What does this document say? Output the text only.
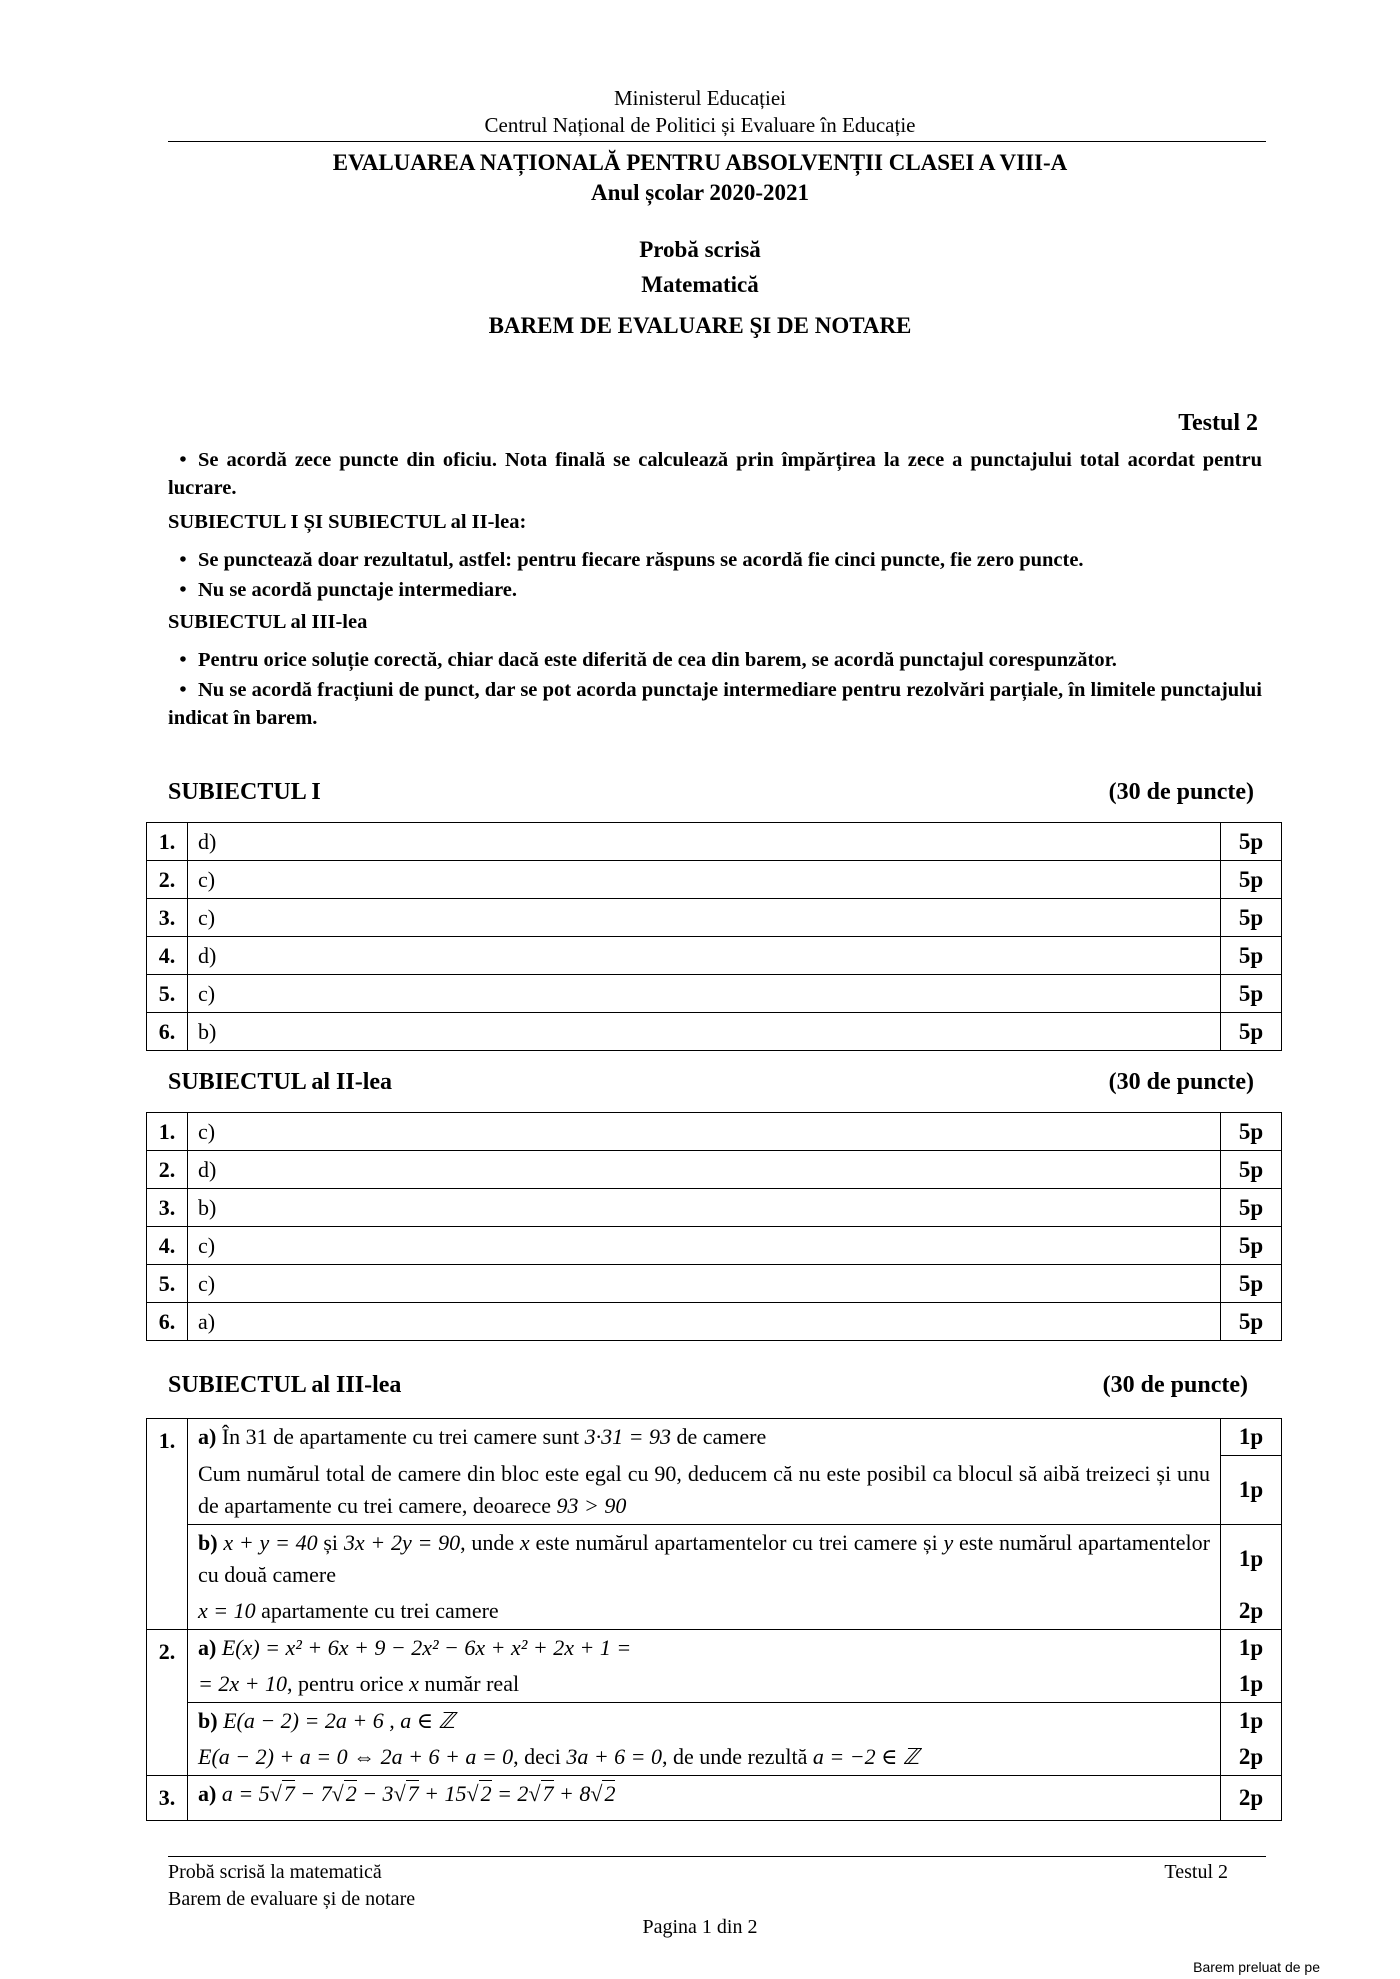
Ministerul Educației
Centrul Național de Politici și Evaluare în Educație
EVALUAREA NAȚIONALĂ PENTRU ABSOLVENȚII CLASEI A VIII-A
Anul școlar 2020-2021
Probă scrisă
Matematică
BAREM DE EVALUARE ŞI DE NOTARE
Testul 2
• Se acordă zece puncte din oficiu. Nota finală se calculează prin împărțirea la zece a punctajului total acordat pentru lucrare.
SUBIECTUL I ȘI SUBIECTUL al II-lea:
• Se punctează doar rezultatul, astfel: pentru fiecare răspuns se acordă fie cinci puncte, fie zero puncte.
• Nu se acordă punctaje intermediare.
SUBIECTUL al III-lea
• Pentru orice soluție corectă, chiar dacă este diferită de cea din barem, se acordă punctajul corespunzător.
• Nu se acordă fracțiuni de punct, dar se pot acorda punctaje intermediare pentru rezolvări parțiale, în limitele punctajului indicat în barem.
SUBIECTUL I	(30 de puncte)
1.	d)	5p
2.	c)	5p
3.	c)	5p
4.	d)	5p
5.	c)	5p
6.	b)	5p
SUBIECTUL al II-lea	(30 de puncte)
1.	c)	5p
2.	d)	5p
3.	b)	5p
4.	c)	5p
5.	c)	5p
6.	a)	5p
SUBIECTUL al III-lea	(30 de puncte)
1.	a) În 31 de apartamente cu trei camere sunt 3·31 = 93 de camere	1p
	Cum numărul total de camere din bloc este egal cu 90, deducem că nu este posibil ca blocul să aibă treizeci și unu de apartamente cu trei camere, deoarece 93 > 90	1p
	b) x + y = 40 și 3x + 2y = 90, unde x este numărul apartamentelor cu trei camere și y este numărul apartamentelor cu două camere	1p
	x = 10 apartamente cu trei camere	2p
2.	a) E(x) = x² + 6x + 9 − 2x² − 6x + x² + 2x + 1 =	1p
	= 2x + 10, pentru orice x număr real	1p
	b) E(a − 2) = 2a + 6 , a ∈ ℤ	1p
	E(a − 2) + a = 0 ⇔ 2a + 6 + a = 0, deci 3a + 6 = 0, de unde rezultă a = −2 ∈ ℤ	2p
3.	a) a = 5√7 − 7√2 − 3√7 + 15√2 = 2√7 + 8√2	2p
Probă scrisă la matematică
Barem de evaluare și de notare
Testul 2
Pagina 1 din 2
Barem preluat de pe
